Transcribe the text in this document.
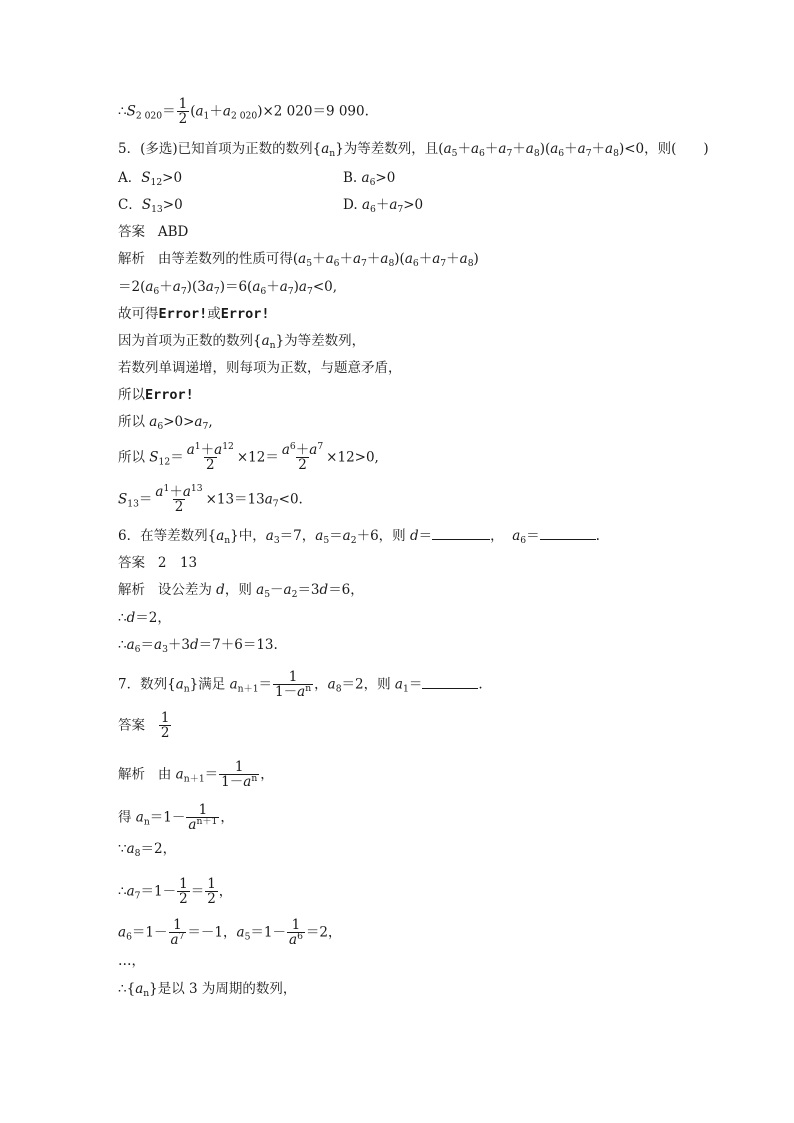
$\therefore S_{2 020}= \frac{1}{2} (a_1+a_{2 020})\times 2$ 020＝9 090.
5．(多选)已知首项为正数的数列$\{a_n\}$为等差数列，且$(a_5+a_6+a_7+a_8)(a_6+a_7+a_8)<0$，则(　　)
A．$S_{12}>0$	B. $a_6>0$
C．$S_{13}>0$	D. $a_6+a_7>0$
答案 ABD
解析 由等差数列的性质可得$(a_5+a_6+a_7+a_8)(a_6+a_7+a_8)$
$=2(a_6+a_7)(3a_7)=6(a_6+a_7)a_7<0$,
故可得Error!或Error!
因为首项为正数的数列$\{a_n\}$为等差数列，
若数列单调递增，则每项为正数，与题意矛盾，
所以Error!
所以 $a_6>0>a_7$,
所以 $S_{12}= \frac{a^1+a^{12}}{2} \times 12= \frac{a^6+a^7}{2} \times 12>0$,
$S_{13}= \frac{a^1+a^{13}}{2} \times 13=13a_7<0$.
6．在等差数列$\{a_n\}$中，$a_3=7$，$a_5=a_2+6$，则 d＝	，  $a_6=$	.
答案 2　13
解析 设公差为 d，则 $a_5-a_2=3d=6$，
∴d＝2，
$\therefore a_6=a_3+3d=7+6=13$.
7．数列$\{a_n\}$满足 $a_{n+1}= \frac{1}{1-a^n}$ ，$a_8=2$，则 $a_1=$	.
答案 $\frac{1}{2}$
解析 由 $a_{n+1}= \frac{1}{1-a^n}$ ，
得 $a_n=1- \frac{1}{a^{n+1}}$ ，
$\because a_8=2$，
$\therefore a_7=1- \frac{1}{2} = \frac{1}{2}$ ，
$a_6=1- \frac{1}{a^7} =-1$，$a_5=1- \frac{1}{a^6} =2$，
…，
$\therefore\{a_n\}$是以 3 为周期的数列，
